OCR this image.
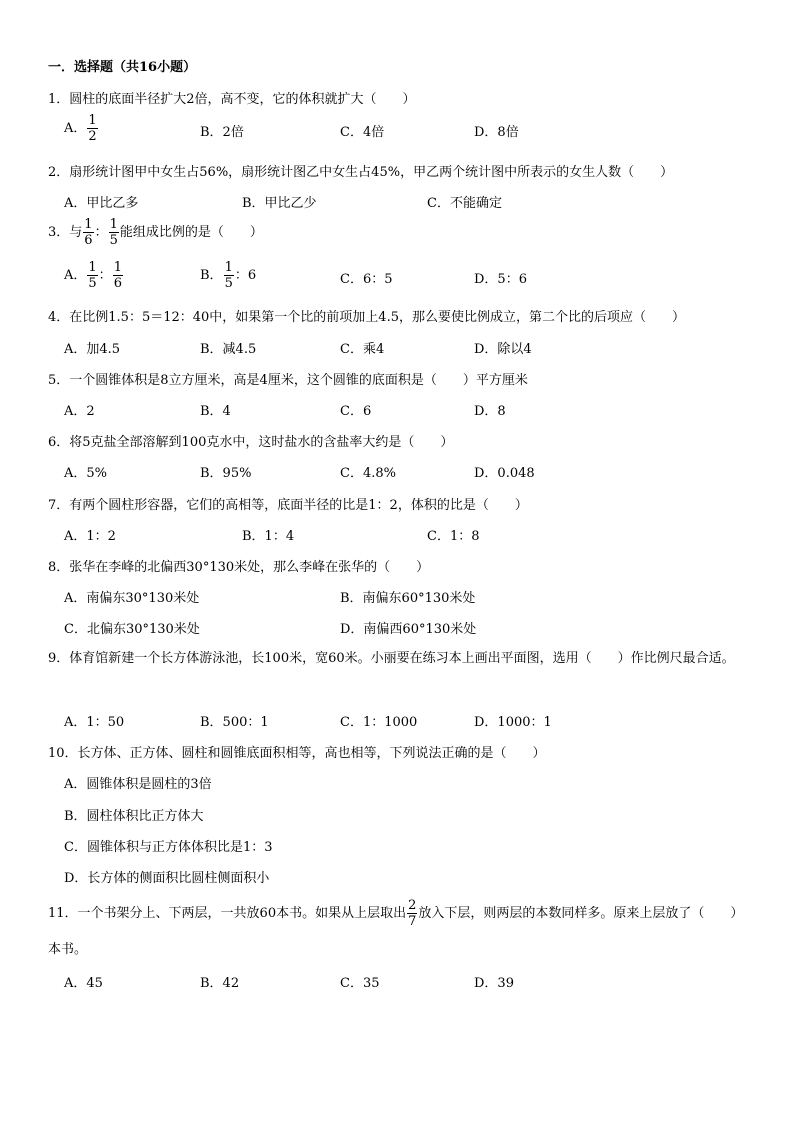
一．选择题（共16小题）
1．圆柱的底面半径扩大2倍，高不变，它的体积就扩大（　　）
A． $\frac{1}{2}$	B．2倍	C．4倍	D．8倍
2．扇形统计图甲中女生占56%，扇形统计图乙中女生占45%，甲乙两个统计图中所表示的女生人数（　　）
A．甲比乙多	B．甲比乙少	C．不能确定
3．与 $\frac{1}{6}$ ： $\frac{1}{5}$ 能组成比例的是（　　）
A． $\frac{1}{5}$ ： $\frac{1}{6}$	B． $\frac{1}{5}$ ：6	C．6：5	D．5：6
4．在比例1.5：5＝12：40中，如果第一个比的前项加上4.5，那么要使比例成立，第二个比的后项应（　　）
A．加4.5	B．减4.5	C．乘4	D．除以4
5．一个圆锥体积是8立方厘米，高是4厘米，这个圆锥的底面积是（　　）平方厘米
A．2	B．4	C．6	D．8
6．将5克盐全部溶解到100克水中，这时盐水的含盐率大约是（　　）
A．5%	B．95%	C．4.8%	D．0.048
7．有两个圆柱形容器，它们的高相等，底面半径的比是1：2，体积的比是（　　）
A．1：2	B．1：4	C．1：8
8．张华在李峰的北偏西30°130米处，那么李峰在张华的（　　）
A．南偏东30°130米处	B．南偏东60°130米处
C．北偏东30°130米处	D．南偏西60°130米处
9．体育馆新建一个长方体游泳池，长100米，宽60米。小丽要在练习本上画出平面图，选用（　　）作比例尺最合适。
A．1：50	B．500：1	C．1：1000	D．1000：1
10．长方体、正方体、圆柱和圆锥底面积相等，高也相等，下列说法正确的是（　　）
A．圆锥体积是圆柱的3倍
B．圆柱体积比正方体大
C．圆锥体积与正方体体积比是1：3
D．长方体的侧面积比圆柱侧面积小
11．一个书架分上、下两层，一共放60本书。如果从上层取出 $\frac{2}{7}$ 放入下层，则两层的本数同样多。原来上层放了（　　）本书。
A．45	B．42	C．35	D．39
